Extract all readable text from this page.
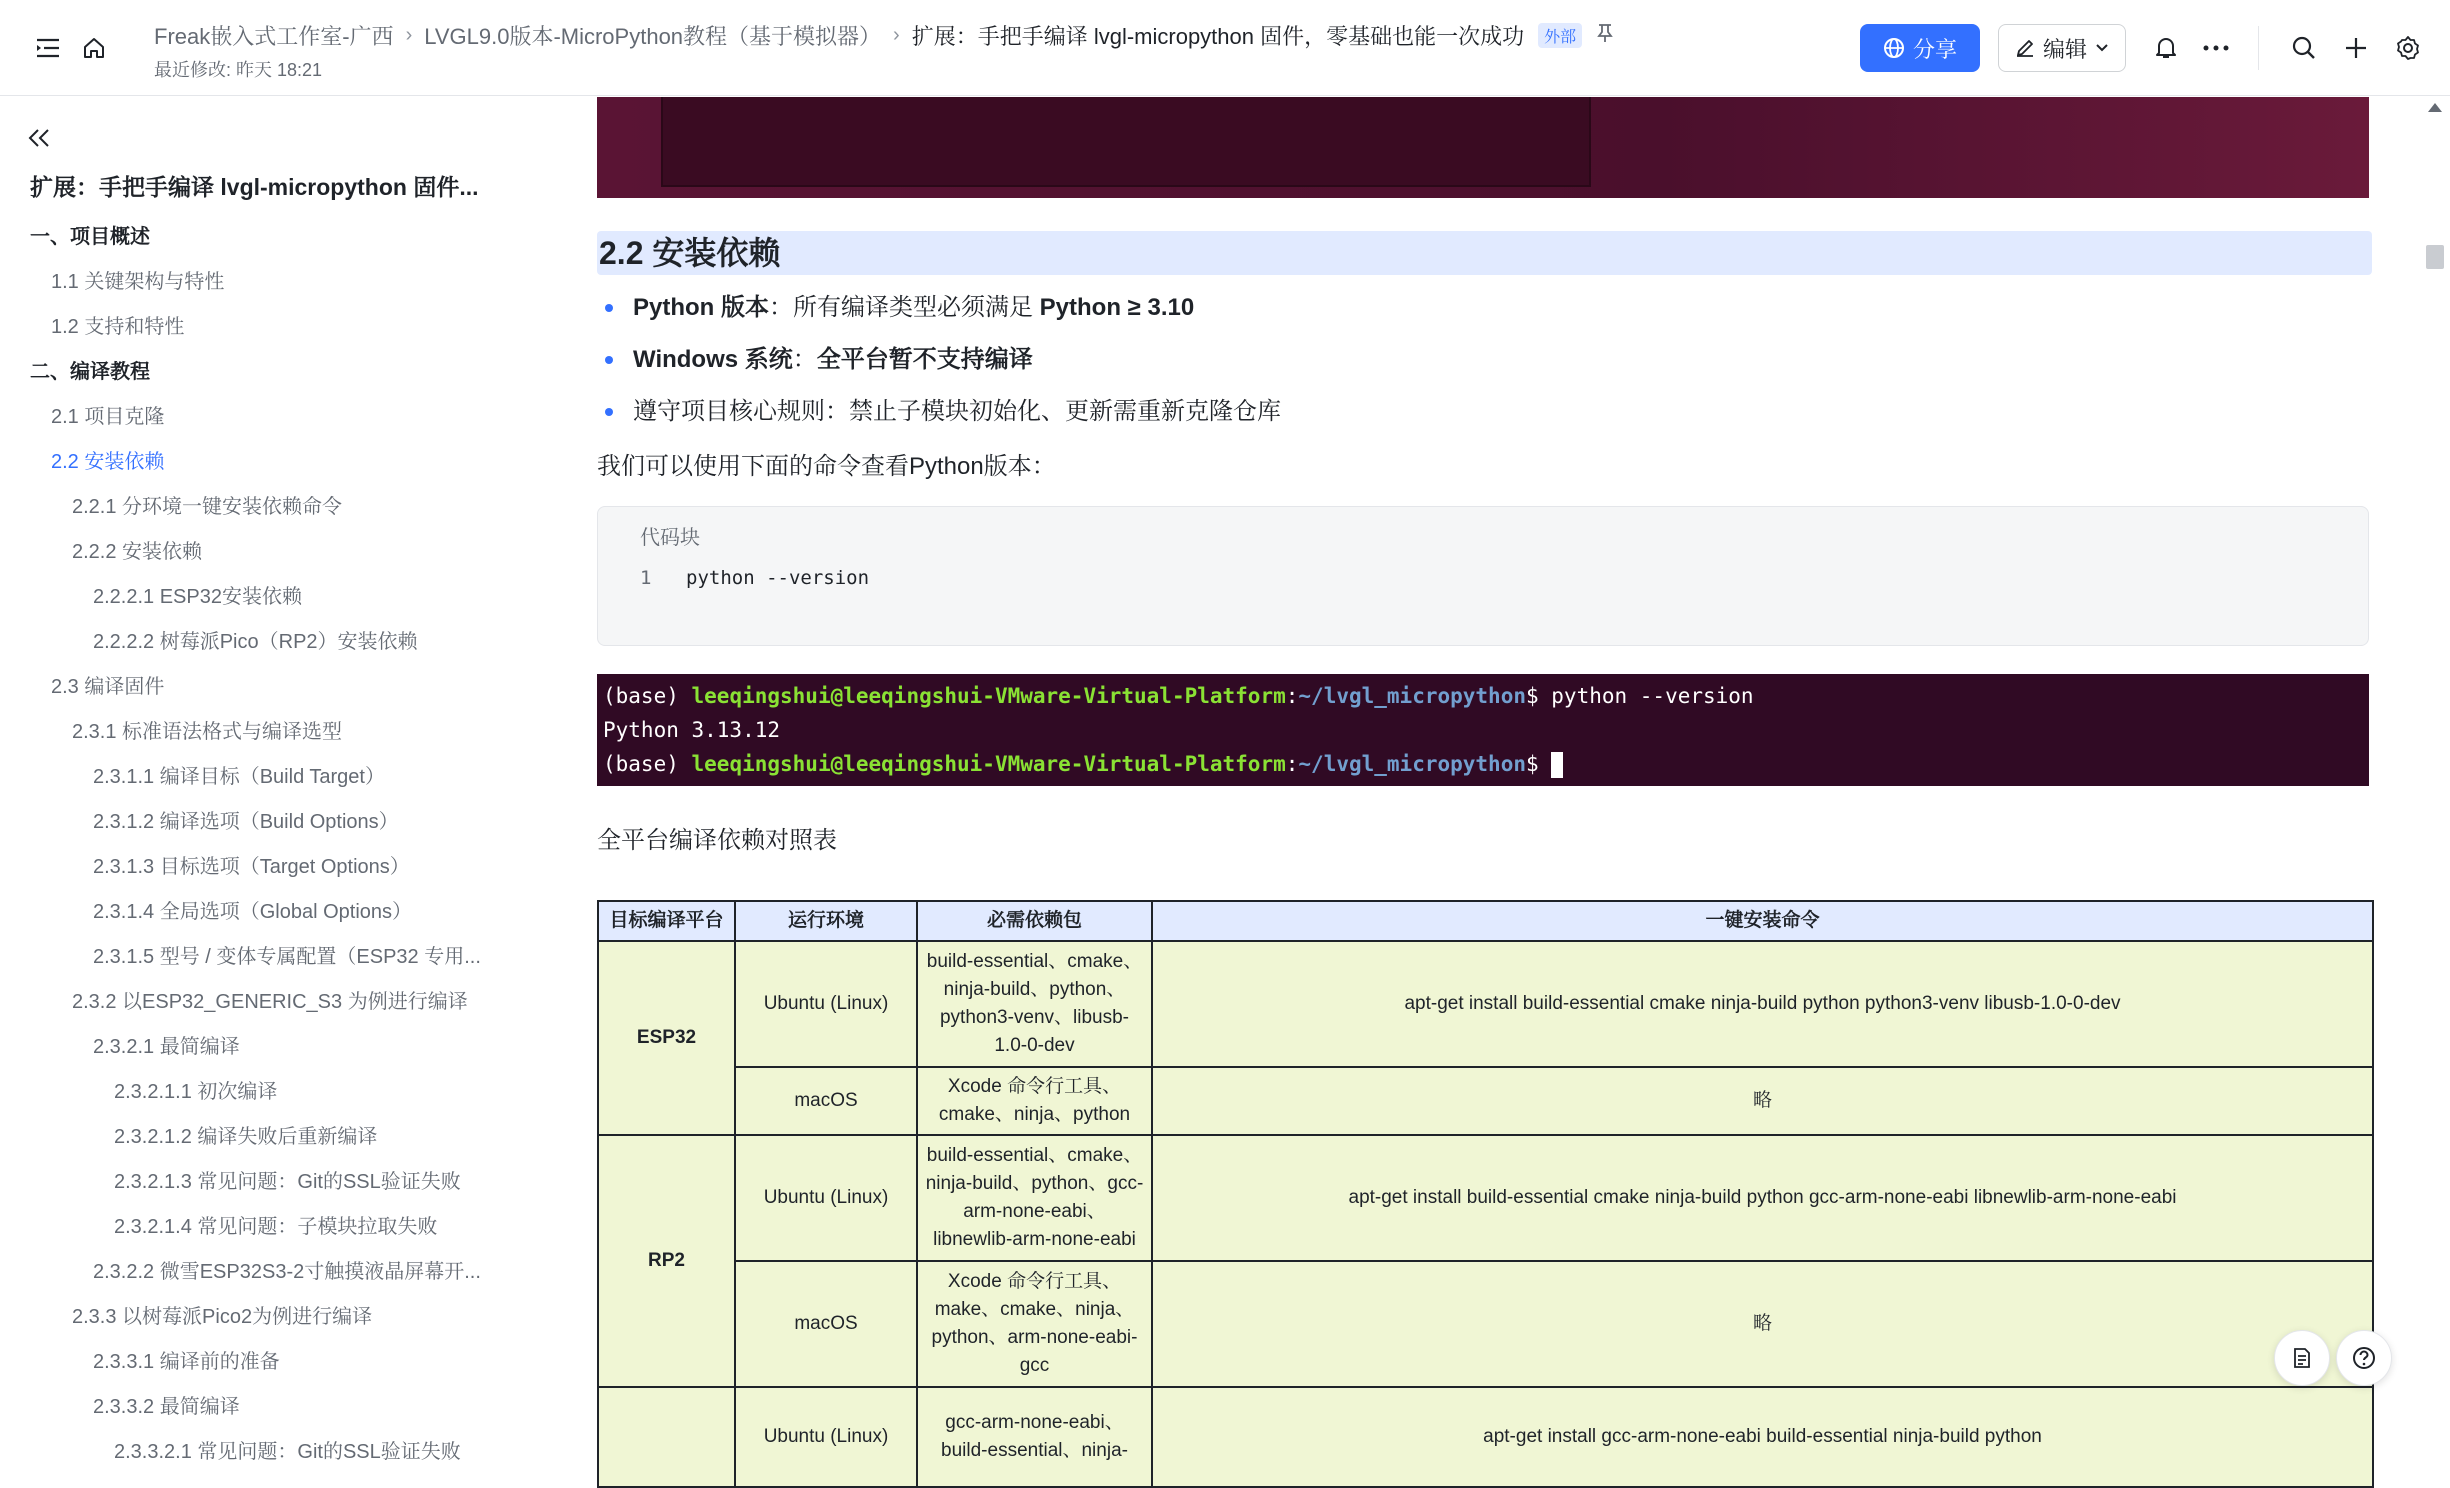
Freak嵌入式工作室-广西 › LVGL9.0版本-MicroPython教程（基于模拟器） › 扩展：手把手编译 lvgl-micropython 固件，零基础也能一次成功	外部
最近修改: 昨天 18:21
分享	编辑
扩展：手把手编译 lvgl-micropython 固件...
一、项目概述
1.1 关键架构与特性
1.2 支持和特性
二、编译教程
2.1 项目克隆
2.2 安装依赖
2.2.1 分环境一键安装依赖命令
2.2.2 安装依赖
2.2.2.1 ESP32安装依赖
2.2.2.2 树莓派Pico（RP2）安装依赖
2.3 编译固件
2.3.1 标准语法格式与编译选型
2.3.1.1 编译目标（Build Target）
2.3.1.2 编译选项（Build Options）
2.3.1.3 目标选项（Target Options）
2.3.1.4 全局选项（Global Options）
2.3.1.5 型号 / 变体专属配置（ESP32 专用...
2.3.2 以ESP32_GENERIC_S3 为例进行编译
2.3.2.1 最简编译
2.3.2.1.1 初次编译
2.3.2.1.2 编译失败后重新编译
2.3.2.1.3 常见问题：Git的SSL验证失败
2.3.2.1.4 常见问题：子模块拉取失败
2.3.2.2 微雪ESP32S3-2寸触摸液晶屏幕开...
2.3.3 以树莓派Pico2为例进行编译
2.3.3.1 编译前的准备
2.3.3.2 最简编译
2.3.3.2.1 常见问题：Git的SSL验证失败
2.2 安装依赖
Python 版本：所有编译类型必须满足 Python ≥ 3.10
Windows 系统：全平台暂不支持编译
遵守项目核心规则：禁止子模块初始化、更新需重新克隆仓库
我们可以使用下面的命令查看Python版本：
代码块
1 python --version
(base) leeqingshui@leeqingshui-VMware-Virtual-Platform:~/lvgl_micropython$ python --version
Python 3.13.12
(base) leeqingshui@leeqingshui-VMware-Virtual-Platform:~/lvgl_micropython$
全平台编译依赖对照表
目标编译平台	运行环境	必需依赖包	一键安装命令
ESP32	Ubuntu (Linux)	build-essential、cmake、ninja-build、python、python3-venv、libusb-1.0-0-dev	apt-get install build-essential cmake ninja-build python python3-venv libusb-1.0-0-dev
	macOS	Xcode 命令行工具、cmake、ninja、python	略
RP2	Ubuntu (Linux)	build-essential、cmake、ninja-build、python、gcc-arm-none-eabi、libnewlib-arm-none-eabi	apt-get install build-essential cmake ninja-build python gcc-arm-none-eabi libnewlib-arm-none-eabi
	macOS	Xcode 命令行工具、make、cmake、ninja、python、arm-none-eabi-gcc	略
	Ubuntu (Linux)	gcc-arm-none-eabi、build-essential、ninja-	apt-get install gcc-arm-none-eabi build-essential ninja-build python
